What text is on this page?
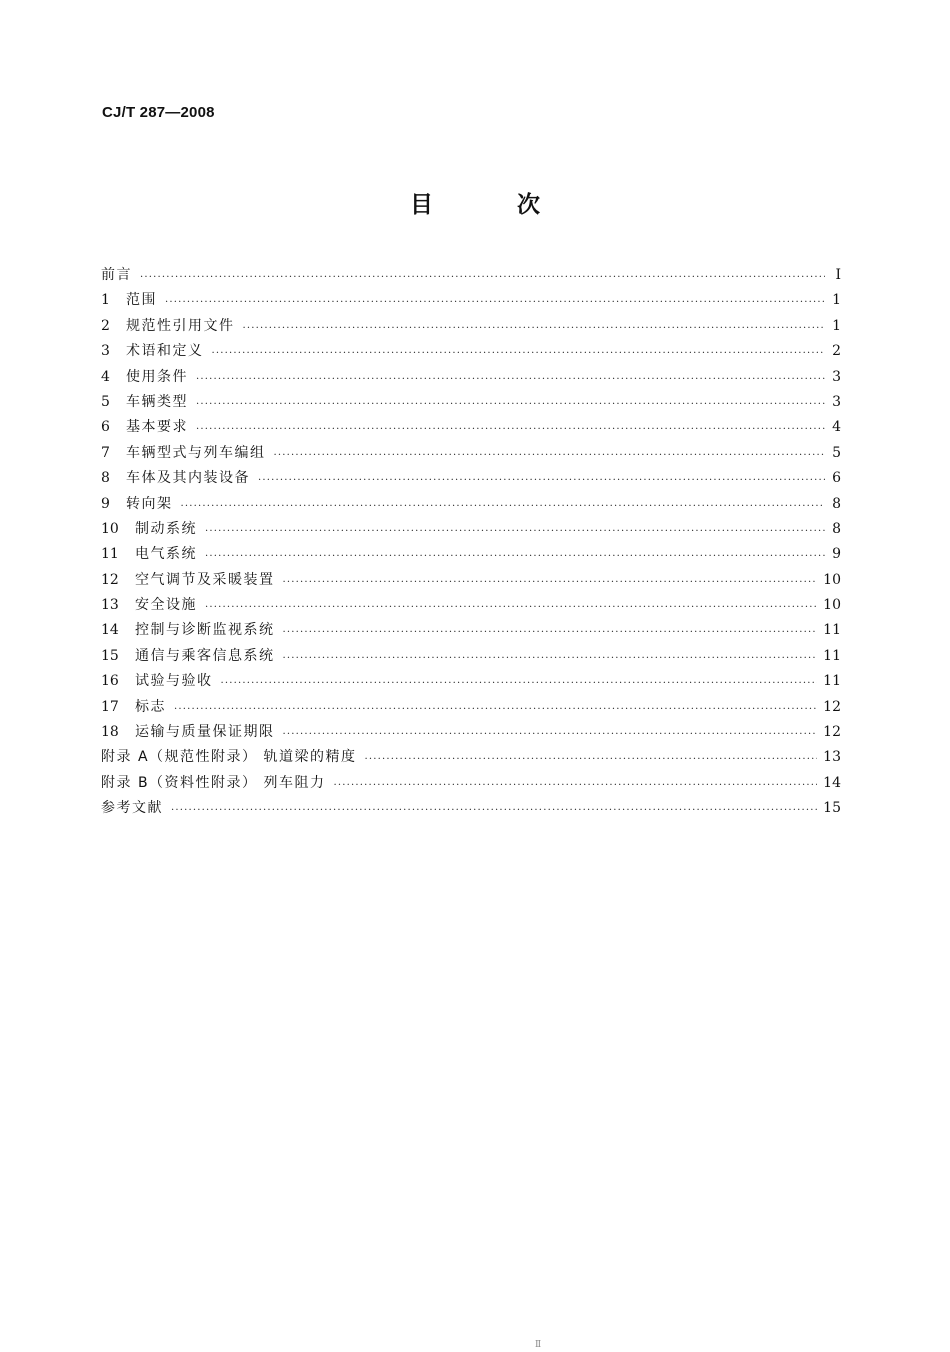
CJ/T 287—2008
目 次
前言 .....	I
1	范围 .....	1
2	规范性引用文件 .....	1
3	术语和定义 .....	2
4	使用条件 .....	3
5	车辆类型 .....	3
6	基本要求 .....	4
7	车辆型式与列车编组 .....	5
8	车体及其内装设备 .....	6
9	转向架 .....	8
10	制动系统 .....	8
11	电气系统 .....	9
12	空气调节及采暖装置 .....	10
13	安全设施 .....	10
14	控制与诊断监视系统 .....	11
15	通信与乘客信息系统 .....	11
16	试验与验收 .....	11
17	标志 .....	12
18	运输与质量保证期限 .....	12
附录 A（规范性附录） 轨道梁的精度 .....	13
附录 B（资料性附录） 列车阻力 .....	14
参考文献 .....	15
Ⅱ
